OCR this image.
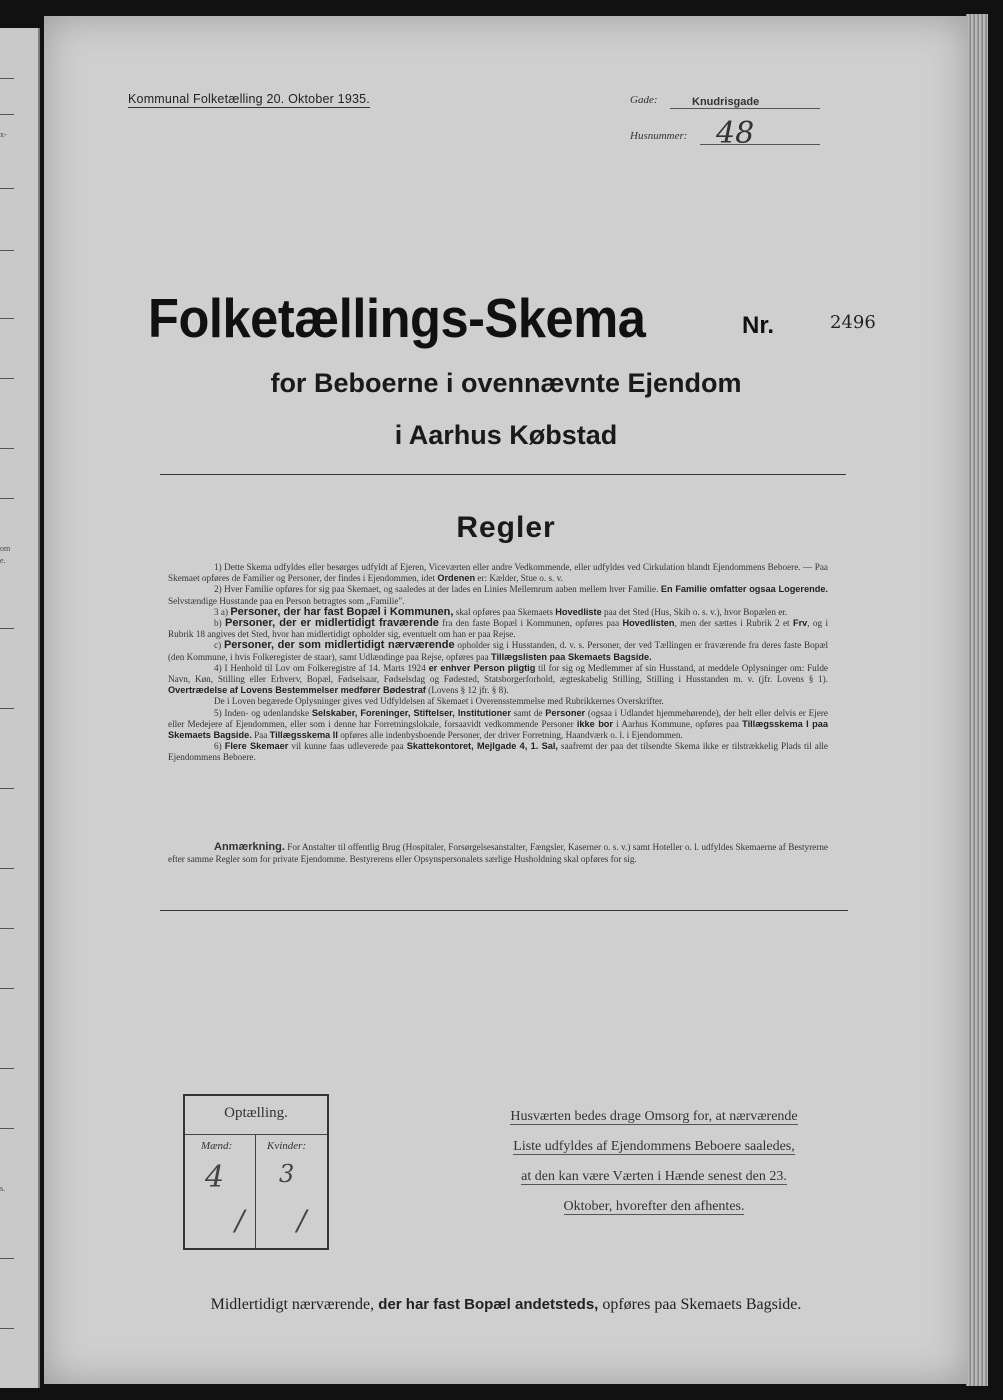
x-
om
e.
s.
Kommunal Folketælling 20. Oktober 1935.	Gade:	Knudrisgade
Husnummer: 48
Folketællings-Skema	Nr.	2496
for Beboerne i ovennævnte Ejendom
i Aarhus Købstad
Regler

1) Dette Skema udfyldes eller besørges udfyldt af Ejeren, Viceværten eller andre Vedkommende, eller udfyldes ved Cirkulation blandt Ejendommens Beboere. — Paa Skemaet opføres de Familier og Personer, der findes i Ejendommen, idet Ordenen er: Kælder, Stue o. s. v.

2) Hver Familie opføres for sig paa Skemaet, og saaledes at der lades en Linies Mellemrum aaben mellem hver Familie. En Familie omfatter ogsaa Logerende. Selvstændige Husstande paa en Person betragtes som „Familie".

3 a) Personer, der har fast Bopæl i Kommunen, skal opføres paa Skemaets Hovedliste paa det Sted (Hus, Skib o. s. v.), hvor Bopælen er.

b) Personer, der er midlertidigt fraværende fra den faste Bopæl i Kommunen, opføres paa Hovedlisten, men der sættes i Rubrik 2 et Frv, og i Rubrik 18 angives det Sted, hvor han midlertidigt opholder sig, eventuelt om han er paa Rejse.

c) Personer, der som midlertidigt nærværende opholder sig i Husstanden, d. v. s. Personer, der ved Tællingen er fraværende fra deres faste Bopæl (den Kommune, i hvis Folkeregister de staar), samt Udlændinge paa Rejse, opføres paa Tillægslisten paa Skemaets Bagside.

4) I Henhold til Lov om Folkeregistre af 14. Marts 1924 er enhver Person pligtig til for sig og Medlemmer af sin Husstand, at meddele Oplysninger om: Fulde Navn, Køn, Stilling eller Erhverv, Bopæl, Fødselsaar, Fødselsdag og Fødested, Statsborgerforhold, ægteskabelig Stilling, Stilling i Husstanden m. v. (jfr. Lovens § 1). Overtrædelse af Lovens Bestemmelser medfører Bødestraf (Lovens § 12 jfr. § 8).

De i Loven begærede Oplysninger gives ved Udfyldelsen af Skemaet i Overensstemmelse med Rubrikkernes Overskrifter.

5) Inden- og udenlandske Selskaber, Foreninger, Stiftelser, Institutioner samt de Personer (ogsaa i Udlandet hjemmehørende), der helt eller delvis er Ejere eller Medejere af Ejendommen, eller som i denne har Forretningslokale, forsaavidt vedkommende Personer ikke bor i Aarhus Kommune, opføres paa Tillægsskema I paa Skemaets Bagside. Paa Tillægsskema II opføres alle indenbysboende Personer, der driver Forretning, Haandværk o. l. i Ejendommen.

6) Flere Skemaer vil kunne faas udleverede paa Skattekontoret, Mejlgade 4, 1. Sal, saafremt der paa det tilsendte Skema ikke er tilstrækkelig Plads til alle Ejendommens Beboere.

Anmærkning. For Anstalter til offentlig Brug (Hospitaler, Forsørgelsesanstalter, Fængsler, Kaserner o. s. v.) samt Hoteller o. l. udfyldes Skemaerne af Bestyrerne efter samme Regler som for private Ejendomme. Bestyrerens eller Opsynspersonalets særlige Husholdning skal opføres for sig.

Optælling.
Mænd:	Kvinder:
4 3
/ /
Husværten bedes drage Omsorg for, at nærværende
Liste udfyldes af Ejendommens Beboere saaledes,
at den kan være Værten i Hænde senest den 23.
Oktober, hvorefter den afhentes.
Midlertidigt nærværende, der har fast Bopæl andetsteds, opføres paa Skemaets Bagside.
